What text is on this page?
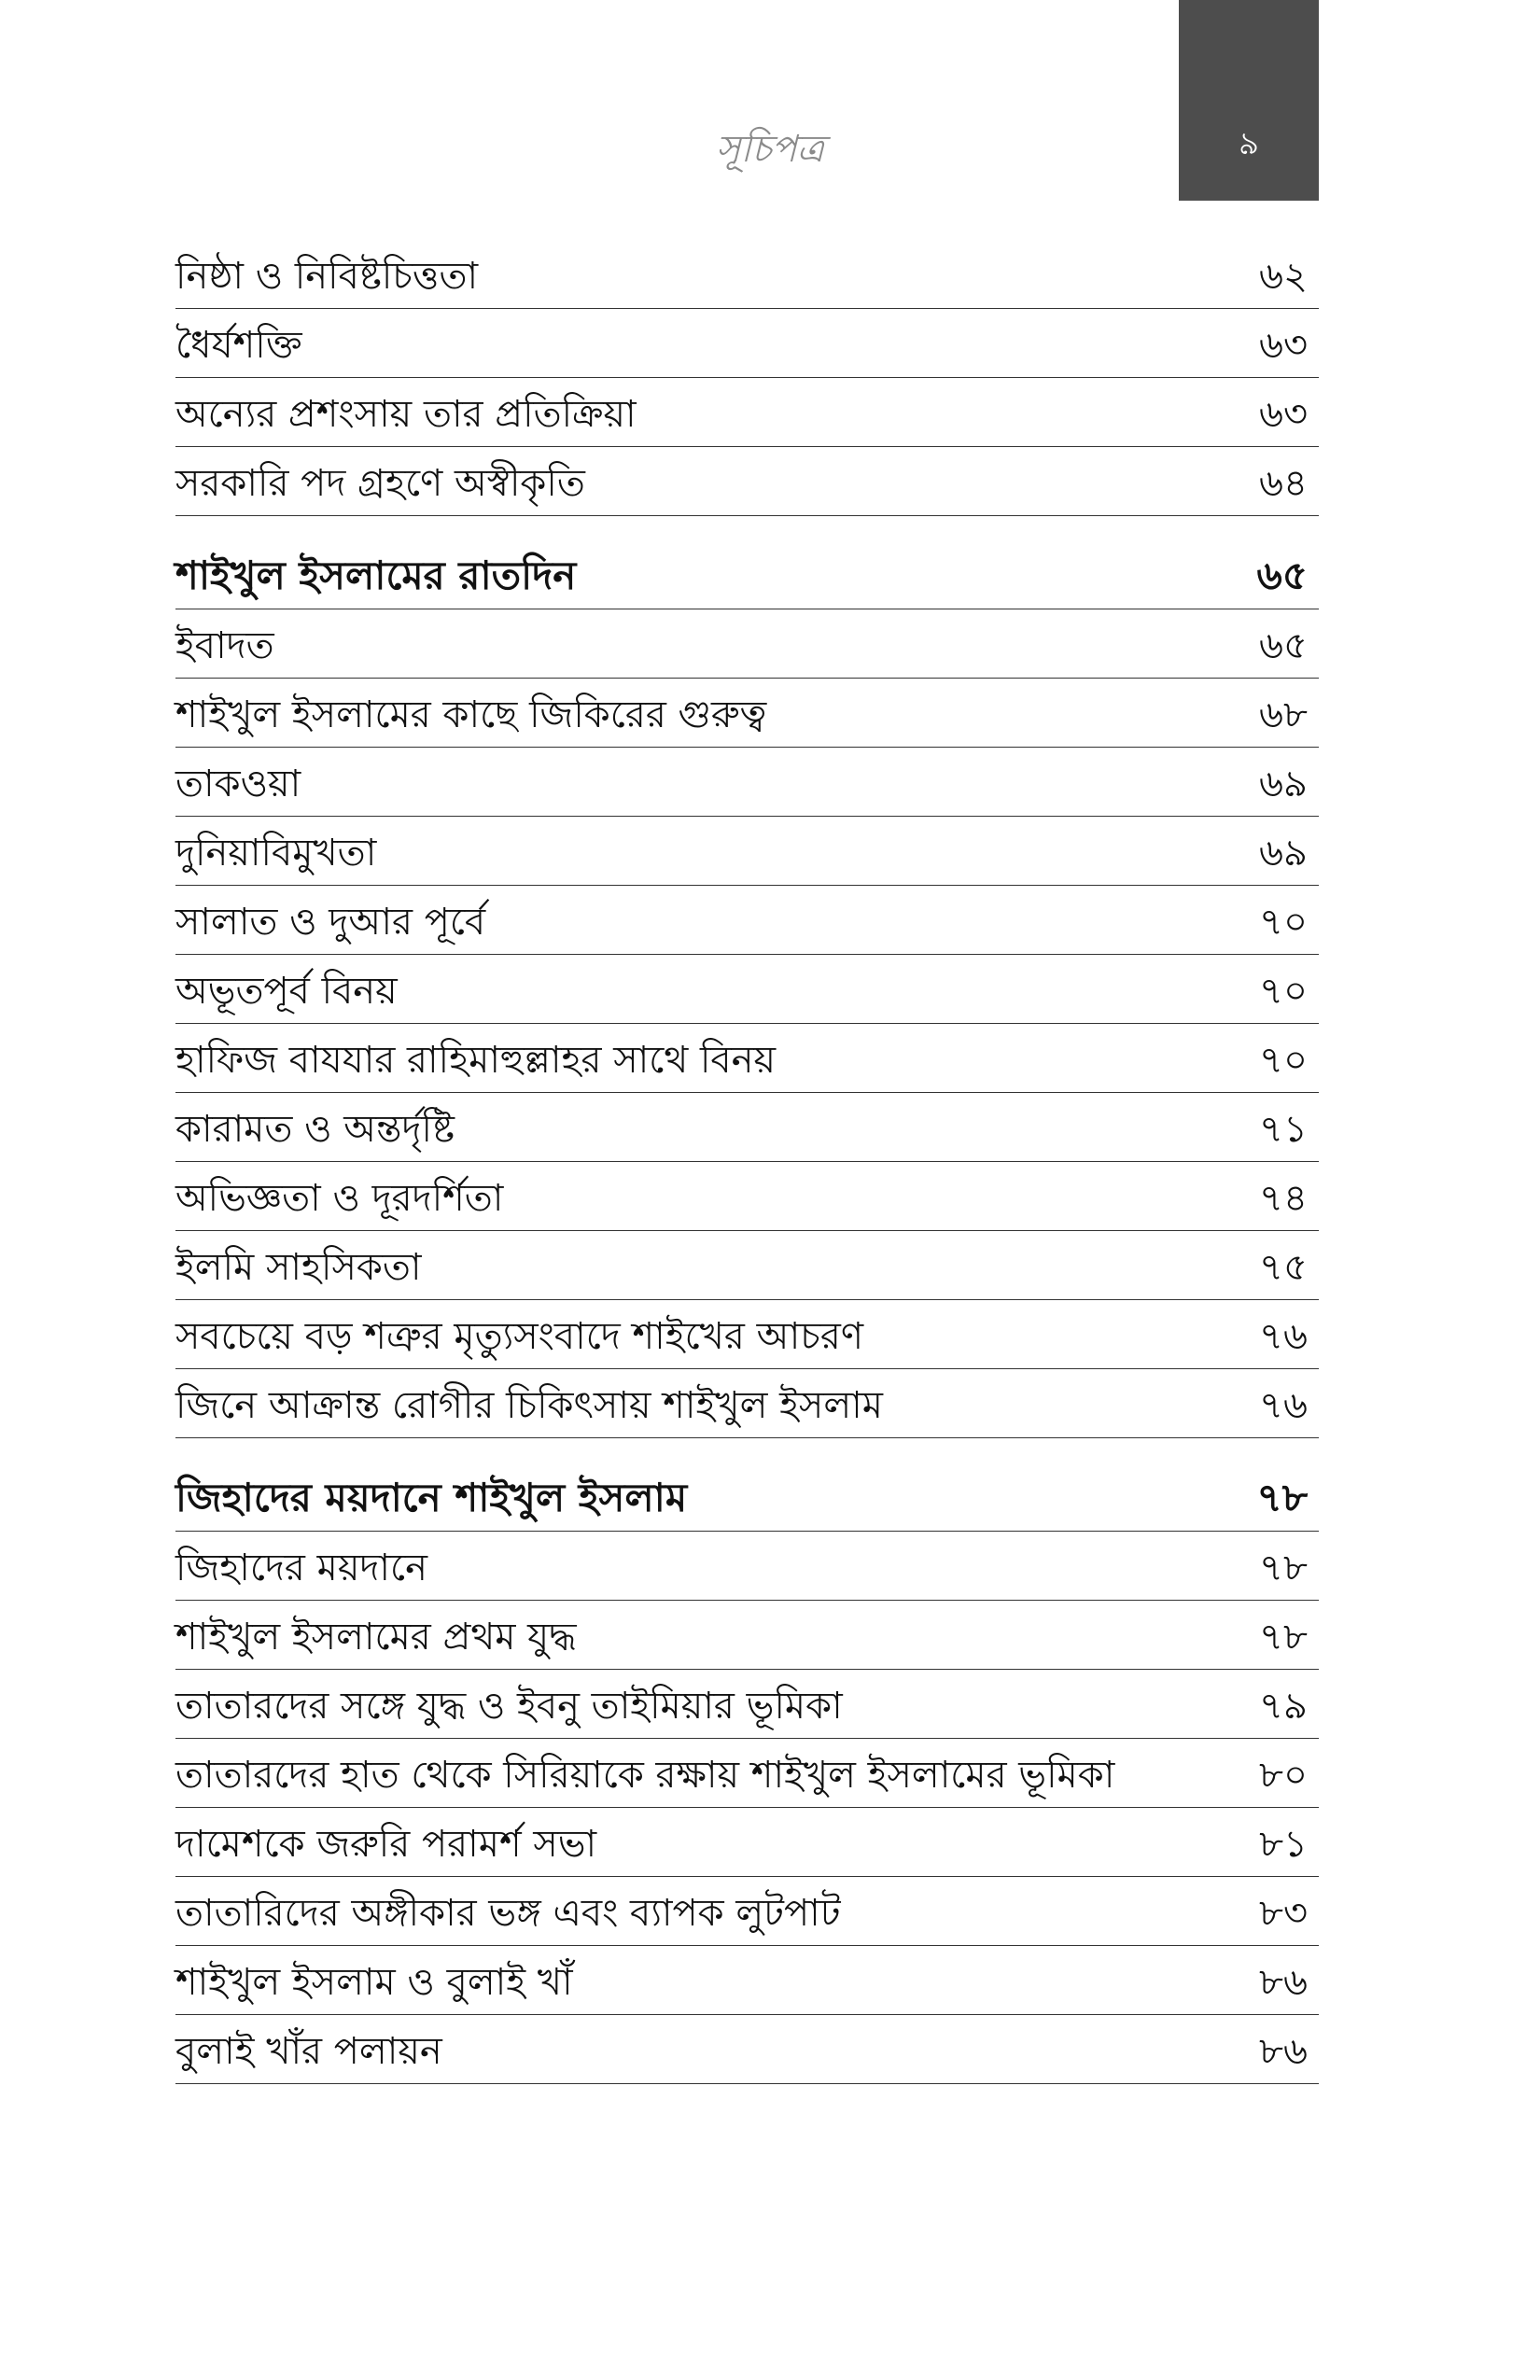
সূচিপত্র	৯
নিষ্ঠা ও নিবিষ্টচিত্ততা	৬২
ধৈর্যশক্তি	৬৩
অন্যের প্রশংসায় তার প্রতিক্রিয়া	৬৩
সরকারি পদ গ্রহণে অস্বীকৃতি	৬৪
শাইখুল ইসলামের রাতদিন	৬৫
ইবাদত	৬৫
শাইখুল ইসলামের কাছে জিকিরের গুরুত্ব	৬৮
তাকওয়া	৬৯
দুনিয়াবিমুখতা	৬৯
সালাত ও দুআর পূর্বে	৭০
অভূতপূর্ব বিনয়	৭০
হাফিজ বাযযার রাহিমাহুল্লাহর সাথে বিনয়	৭০
কারামত ও অন্তর্দৃষ্টি	৭১
অভিজ্ঞতা ও দূরদর্শিতা	৭৪
ইলমি সাহসিকতা	৭৫
সবচেয়ে বড় শত্রুর মৃত্যুসংবাদে শাইখের আচরণ	৭৬
জিনে আক্রান্ত রোগীর চিকিৎসায় শাইখুল ইসলাম	৭৬
জিহাদের ময়দানে শাইখুল ইসলাম	৭৮
জিহাদের ময়দানে	৭৮
শাইখুল ইসলামের প্রথম যুদ্ধ	৭৮
তাতারদের সঙ্গে যুদ্ধ ও ইবনু তাইমিয়ার ভূমিকা	৭৯
তাতারদের হাত থেকে সিরিয়াকে রক্ষায় শাইখুল ইসলামের ভূমিকা	৮০
দামেশকে জরুরি পরামর্শ সভা	৮১
তাতারিদের অঙ্গীকার ভঙ্গ এবং ব্যাপক লুটপাট	৮৩
শাইখুল ইসলাম ও বুলাই খাঁ	৮৬
বুলাই খাঁর পলায়ন	৮৬
